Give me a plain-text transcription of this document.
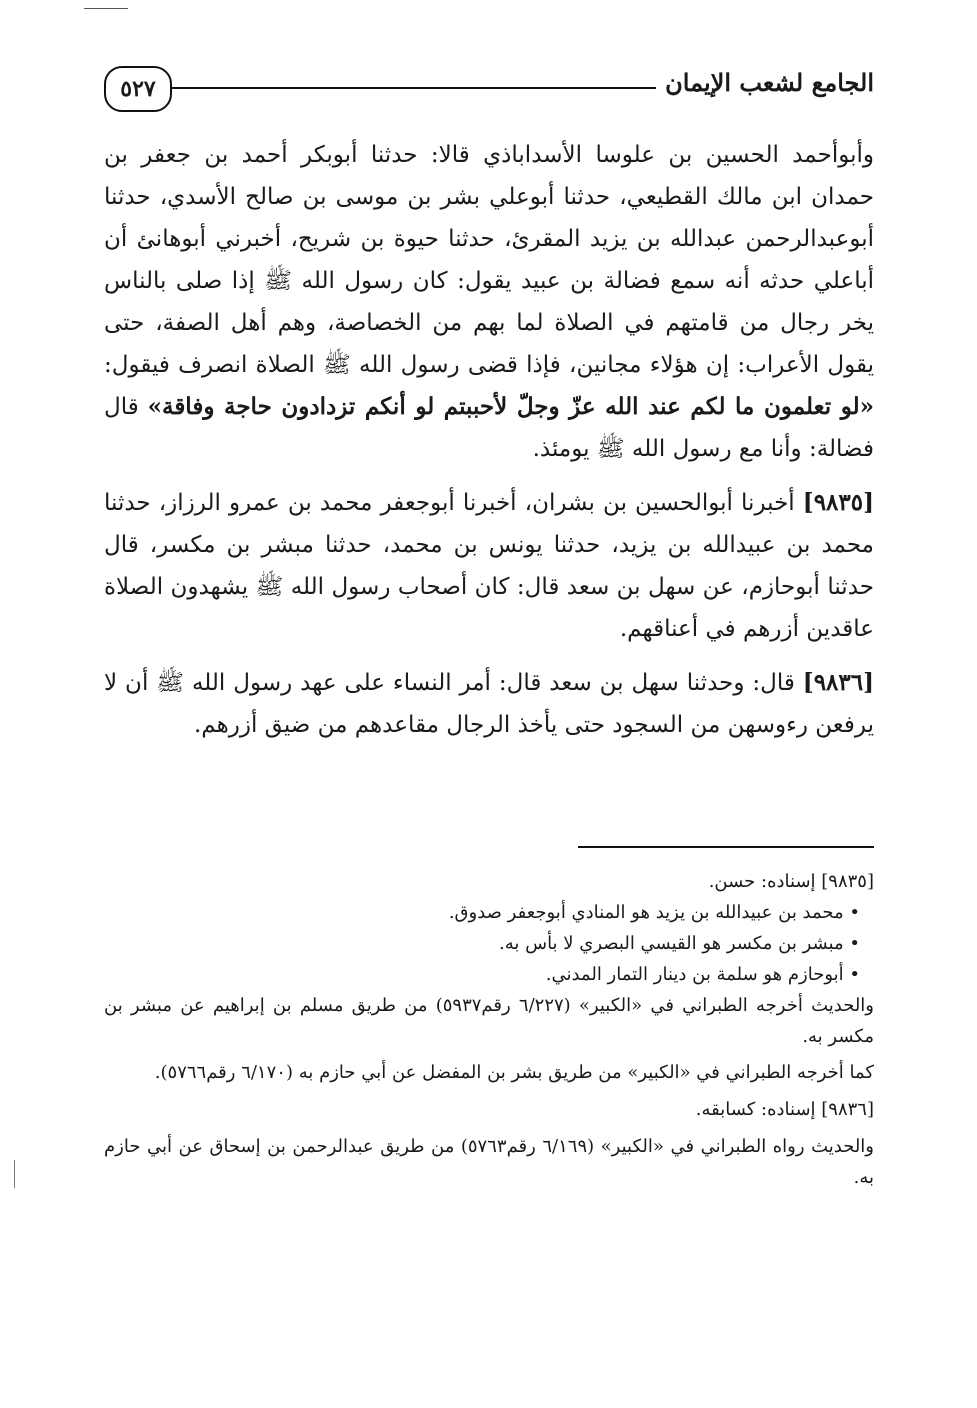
٥٢٧	الجامع لشعب الإيمان

وأبوأحمد الحسين بن علوسا الأسداباذي قالا: حدثنا أبوبكر أحمد بن جعفر بن حمدان ابن مالك القطيعي، حدثنا أبوعلي بشر بن موسى بن صالح الأسدي، حدثنا أبوعبدالرحمن عبدالله بن يزيد المقرئ، حدثنا حيوة بن شريح، أخبرني أبوهانئ أن أباعلي حدثه أنه سمع فضالة بن عبيد يقول: كان رسول الله ﷺ إذا صلى بالناس يخر رجال من قامتهم في الصلاة لما بهم من الخصاصة، وهم أهل الصفة، حتى يقول الأعراب: إن هؤلاء مجانين، فإذا قضى رسول الله ﷺ الصلاة انصرف فيقول: «لو تعلمون ما لكم عند الله عزّ وجلّ لأحببتم لو أنكم تزدادون حاجة وفاقة» قال فضالة: وأنا مع رسول الله ﷺ يومئذ.

[٩٨٣٥] أخبرنا أبوالحسين بن بشران، أخبرنا أبوجعفر محمد بن عمرو الرزاز، حدثنا محمد بن عبيدالله بن يزيد، حدثنا يونس بن محمد، حدثنا مبشر بن مكسر، قال حدثنا أبوحازم، عن سهل بن سعد قال: كان أصحاب رسول الله ﷺ يشهدون الصلاة عاقدين أزرهم في أعناقهم.

[٩٨٣٦] قال: وحدثنا سهل بن سعد قال: أمر النساء على عهد رسول الله ﷺ أن لا يرفعن رءوسهن من السجود حتى يأخذ الرجال مقاعدهم من ضيق أزرهم.

[٩٨٣٥] إسناده: حسن.

• محمد بن عبيدالله بن يزيد هو المنادي أبوجعفر صدوق.

• مبشر بن مكسر هو القيسي البصري لا بأس به.

• أبوحازم هو سلمة بن دينار التمار المدني.

والحديث أخرجه الطبراني في «الكبير» (٦/٢٢٧ رقم٥٩٣٧) من طريق مسلم بن إبراهيم عن مبشر بن مكسر به.

كما أخرجه الطبراني في «الكبير» من طريق بشر بن المفضل عن أبي حازم به (٦/١٧٠ رقم٥٧٦٦).

[٩٨٣٦] إسناده: كسابقه.

والحديث رواه الطبراني في «الكبير» (٦/١٦٩ رقم٥٧٦٣) من طريق عبدالرحمن بن إسحاق عن أبي حازم به.
